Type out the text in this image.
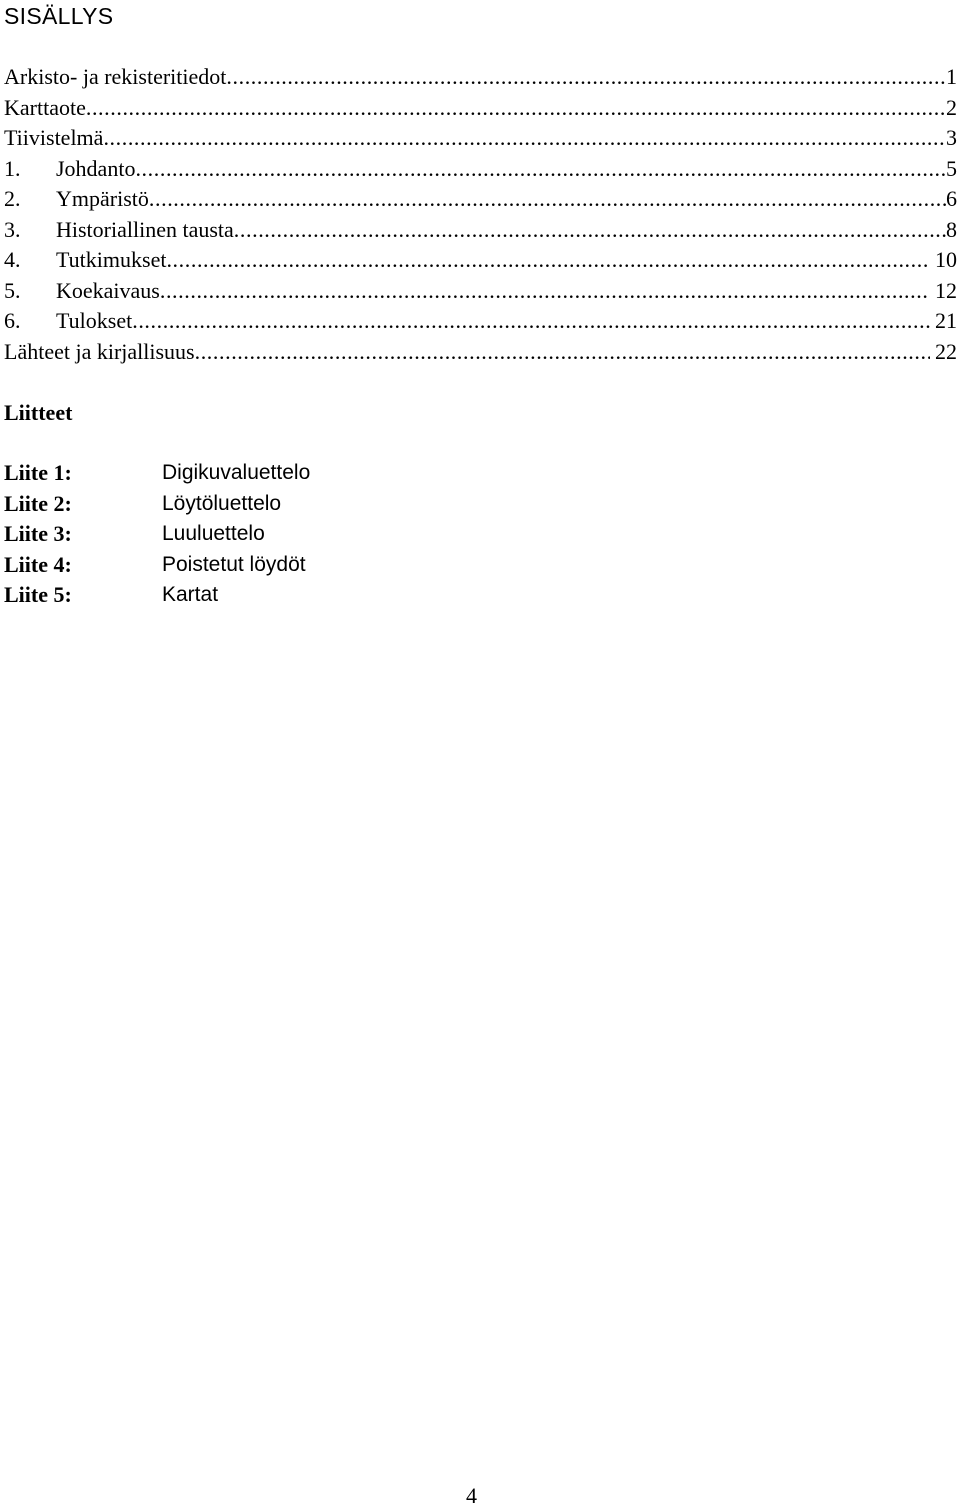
SISÄLLYS
Arkisto- ja rekisteritiedot .....	1
Karttaote .....	2
Tiivistelmä .....	3
1.	Johdanto .....	5
2.	Ympäristö .....	6
3.	Historiallinen tausta .....	8
4.	Tutkimukset .....	10
5.	Koekaivaus .....	12
6.	Tulokset .....	21
Lähteet ja kirjallisuus .....	22
Liitteet
Liite 1:	Digikuvaluettelo
Liite 2:	Löytöluettelo
Liite 3:	Luuluettelo
Liite 4:	Poistetut löydöt
Liite 5:	Kartat
4
